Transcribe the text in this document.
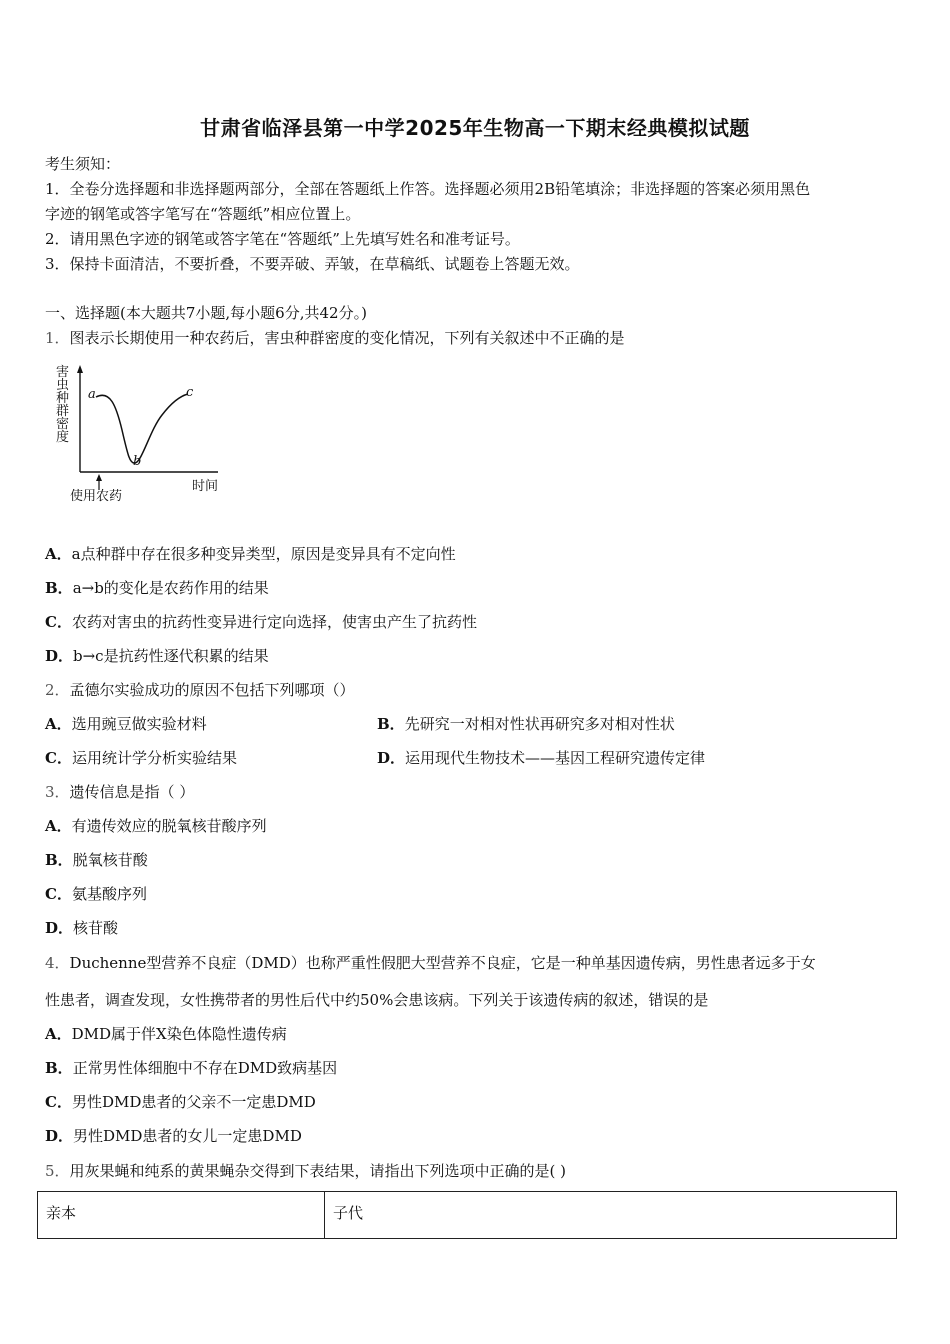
甘肃省临泽县第一中学2025年生物高一下期末经典模拟试题
考生须知：
1．全卷分选择题和非选择题两部分，全部在答题纸上作答。选择题必须用2B铅笔填涂；非选择题的答案必须用黑色
字迹的钢笔或答字笔写在“答题纸”相应位置上。
2．请用黑色字迹的钢笔或答字笔在“答题纸”上先填写姓名和准考证号。
3．保持卡面清洁，不要折叠，不要弄破、弄皱，在草稿纸、试题卷上答题无效。
一、选择题(本大题共7小题,每小题6分,共42分。)
1．图表示长期使用一种农药后，害虫种群密度的变化情况，下列有关叙述中不正确的是
害虫种群密度
a
b
c
使用农药
时间
A．a点种群中存在很多种变异类型，原因是变异具有不定向性
B．a→b的变化是农药作用的结果
C．农药对害虫的抗药性变异进行定向选择，使害虫产生了抗药性
D．b→c是抗药性逐代积累的结果
2．孟德尔实验成功的原因不包括下列哪项（）
A．选用豌豆做实验材料	B．先研究一对相对性状再研究多对相对性状
C．运用统计学分析实验结果	D．运用现代生物技术——基因工程研究遗传定律
3．遗传信息是指（ ）
A．有遗传效应的脱氧核苷酸序列
B．脱氧核苷酸
C．氨基酸序列
D．核苷酸
4．Duchenne型营养不良症（DMD）也称严重性假肥大型营养不良症，它是一种单基因遗传病，男性患者远多于女
性患者，调查发现，女性携带者的男性后代中约50%会患该病。下列关于该遗传病的叙述，错误的是
A．DMD属于伴X染色体隐性遗传病
B．正常男性体细胞中不存在DMD致病基因
C．男性DMD患者的父亲不一定患DMD
D．男性DMD患者的女儿一定患DMD
5．用灰果蝇和纯系的黄果蝇杂交得到下表结果，请指出下列选项中正确的是( )
亲本	子代
